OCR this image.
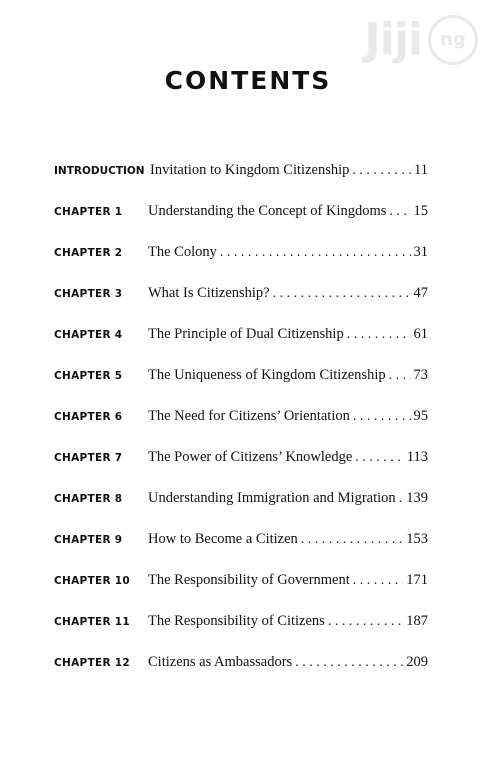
Jiji	ng
CONTENTS
INTRODUCTION Invitation to Kingdom Citizenship . . .	11
CHAPTER 1	Understanding the Concept of Kingdoms . . . 15
CHAPTER 2	The Colony . . .	31
CHAPTER 3	What Is Citizenship? . . .	47
CHAPTER 4	The Principle of Dual Citizenship . . .	61
CHAPTER 5	The Uniqueness of Kingdom Citizenship . . . 73
CHAPTER 6	The Need for Citizens’ Orientation . . .	95
CHAPTER 7	The Power of Citizens’ Knowledge . . .	113
CHAPTER 8	Understanding Immigration and Migration . . . 139
CHAPTER 9	How to Become a Citizen . . .	153
CHAPTER 10	The Responsibility of Government . . .	171
CHAPTER 11	The Responsibility of Citizens . . .	187
CHAPTER 12	Citizens as Ambassadors . . .	209
